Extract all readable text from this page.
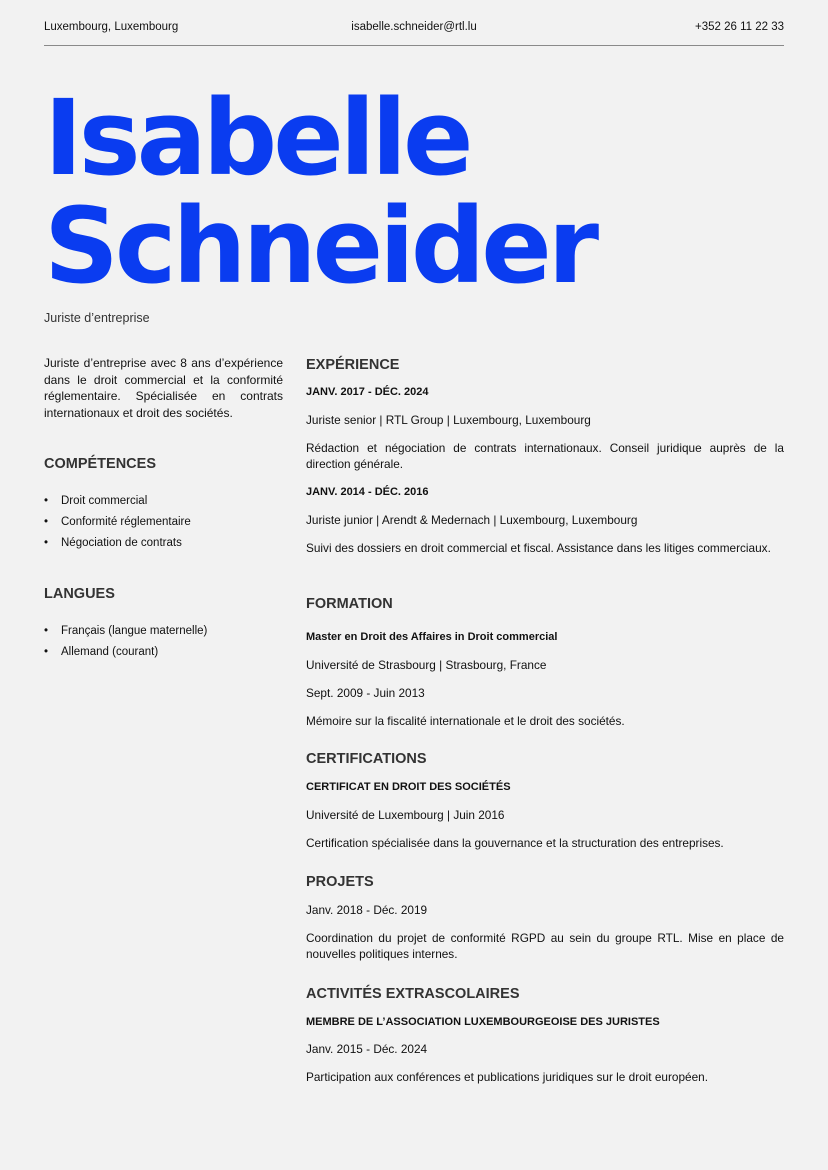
Luxembourg, Luxembourg	isabelle.schneider@rtl.lu	+352 26 11 22 33
Isabelle
Schneider
Juriste d’entreprise

Juriste d’entreprise avec 8 ans d’expérience dans le droit commercial et la conformité réglementaire. Spécialisée en contrats internationaux et droit des sociétés.

COMPÉTENCES
• Droit commercial
• Conformité réglementaire
• Négociation de contrats
LANGUES
• Français (langue maternelle)
• Allemand (courant)
EXPÉRIENCE

JANV. 2017 - DÉC. 2024

Juriste senior | RTL Group | Luxembourg, Luxembourg

Rédaction et négociation de contrats internationaux. Conseil juridique auprès de la direction générale.

JANV. 2014 - DÉC. 2016

Juriste junior | Arendt & Medernach | Luxembourg, Luxembourg

Suivi des dossiers en droit commercial et fiscal. Assistance dans les litiges commerciaux.

FORMATION

Master en Droit des Affaires in Droit commercial

Université de Strasbourg | Strasbourg, France

Sept. 2009 - Juin 2013

Mémoire sur la fiscalité internationale et le droit des sociétés.

CERTIFICATIONS

CERTIFICAT EN DROIT DES SOCIÉTÉS

Université de Luxembourg | Juin 2016

Certification spécialisée dans la gouvernance et la structuration des entreprises.

PROJETS

Janv. 2018 - Déc. 2019

Coordination du projet de conformité RGPD au sein du groupe RTL. Mise en place de nouvelles politiques internes.

ACTIVITÉS EXTRASCOLAIRES

MEMBRE DE L’ASSOCIATION LUXEMBOURGEOISE DES JURISTES

Janv. 2015 - Déc. 2024

Participation aux conférences et publications juridiques sur le droit européen.
